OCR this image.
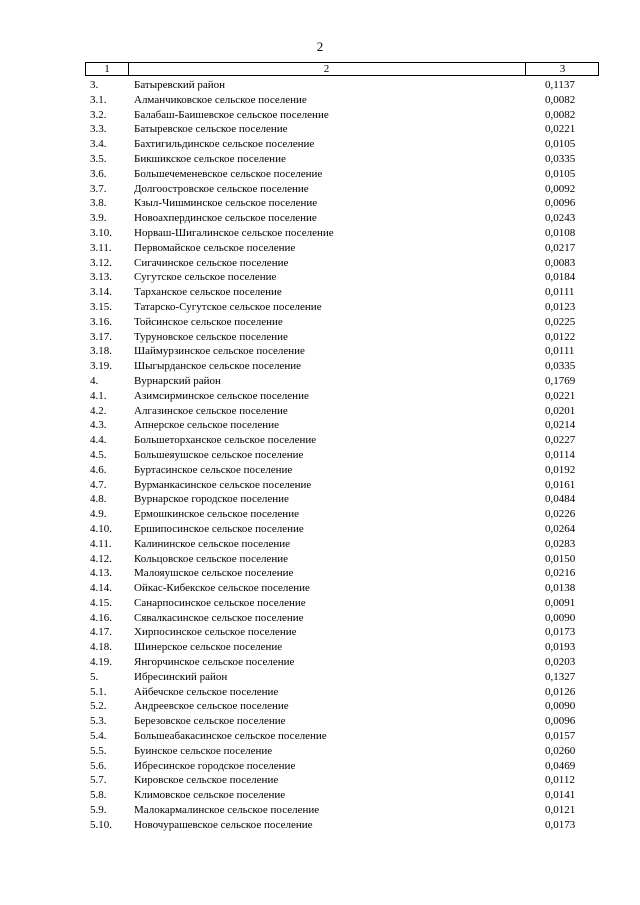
2
1	2	3
3.	Батыревский район	0,1137
3.1.	Алманчиковское сельское поселение	0,0082
3.2.	Балабаш-Баишевское сельское поселение	0,0082
3.3.	Батыревское сельское поселение	0,0221
3.4.	Бахтигильдинское сельское поселение	0,0105
3.5.	Бикшикское сельское поселение	0,0335
3.6.	Большечеменевское сельское поселение	0,0105
3.7.	Долгоостровское сельское поселение	0,0092
3.8.	Кзыл-Чишминское сельское поселение	0,0096
3.9.	Новоахпердинское сельское поселение	0,0243
3.10. Норваш-Шигалинское сельское поселение	0,0108
3.11. Первомайское сельское поселение	0,0217
3.12. Сигачинское сельское поселение	0,0083
3.13. Сугутское сельское поселение	0,0184
3.14. Тарханское сельское поселение	0,0111
3.15. Татарско-Сугутское сельское поселение	0,0123
3.16. Тойсинское сельское поселение	0,0225
3.17. Туруновское сельское поселение	0,0122
3.18. Шаймурзинское сельское поселение	0,0111
3.19. Шыгырданское сельское поселение	0,0335
4.	Вурнарский район	0,1769
4.1.	Азимсирминское сельское поселение	0,0221
4.2.	Алгазинское сельское поселение	0,0201
4.3.	Апнерское сельское поселение	0,0214
4.4.	Большеторханское сельское поселение	0,0227
4.5.	Большеяушское сельское поселение	0,0114
4.6.	Буртасинское сельское поселение	0,0192
4.7.	Вурманкасинское сельское поселение	0,0161
4.8.	Вурнарское городское поселение	0,0484
4.9.	Ермошкинское сельское поселение	0,0226
4.10. Ершипосинское сельское поселение	0,0264
4.11. Калининское сельское поселение	0,0283
4.12. Кольцовское сельское поселение	0,0150
4.13. Малояушское сельское поселение	0,0216
4.14. Ойкас-Кибекское сельское поселение	0,0138
4.15. Санарпосинское сельское поселение	0,0091
4.16. Сявалкасинское сельское поселение	0,0090
4.17. Хирпосинское сельское поселение	0,0173
4.18. Шинерское сельское поселение	0,0193
4.19. Янгорчинское сельское поселение	0,0203
5.	Ибресинский район	0,1327
5.1.	Айбечское сельское поселение	0,0126
5.2.	Андреевское сельское поселение	0,0090
5.3.	Березовское сельское поселение	0,0096
5.4.	Большеабакасинское сельское поселение	0,0157
5.5.	Буинское сельское поселение	0,0260
5.6.	Ибресинское городское поселение	0,0469
5.7.	Кировское сельское поселение	0,0112
5.8.	Климовское сельское поселение	0,0141
5.9.	Малокармалинское сельское поселение	0,0121
5.10. Новочурашевское сельское поселение	0,0173
